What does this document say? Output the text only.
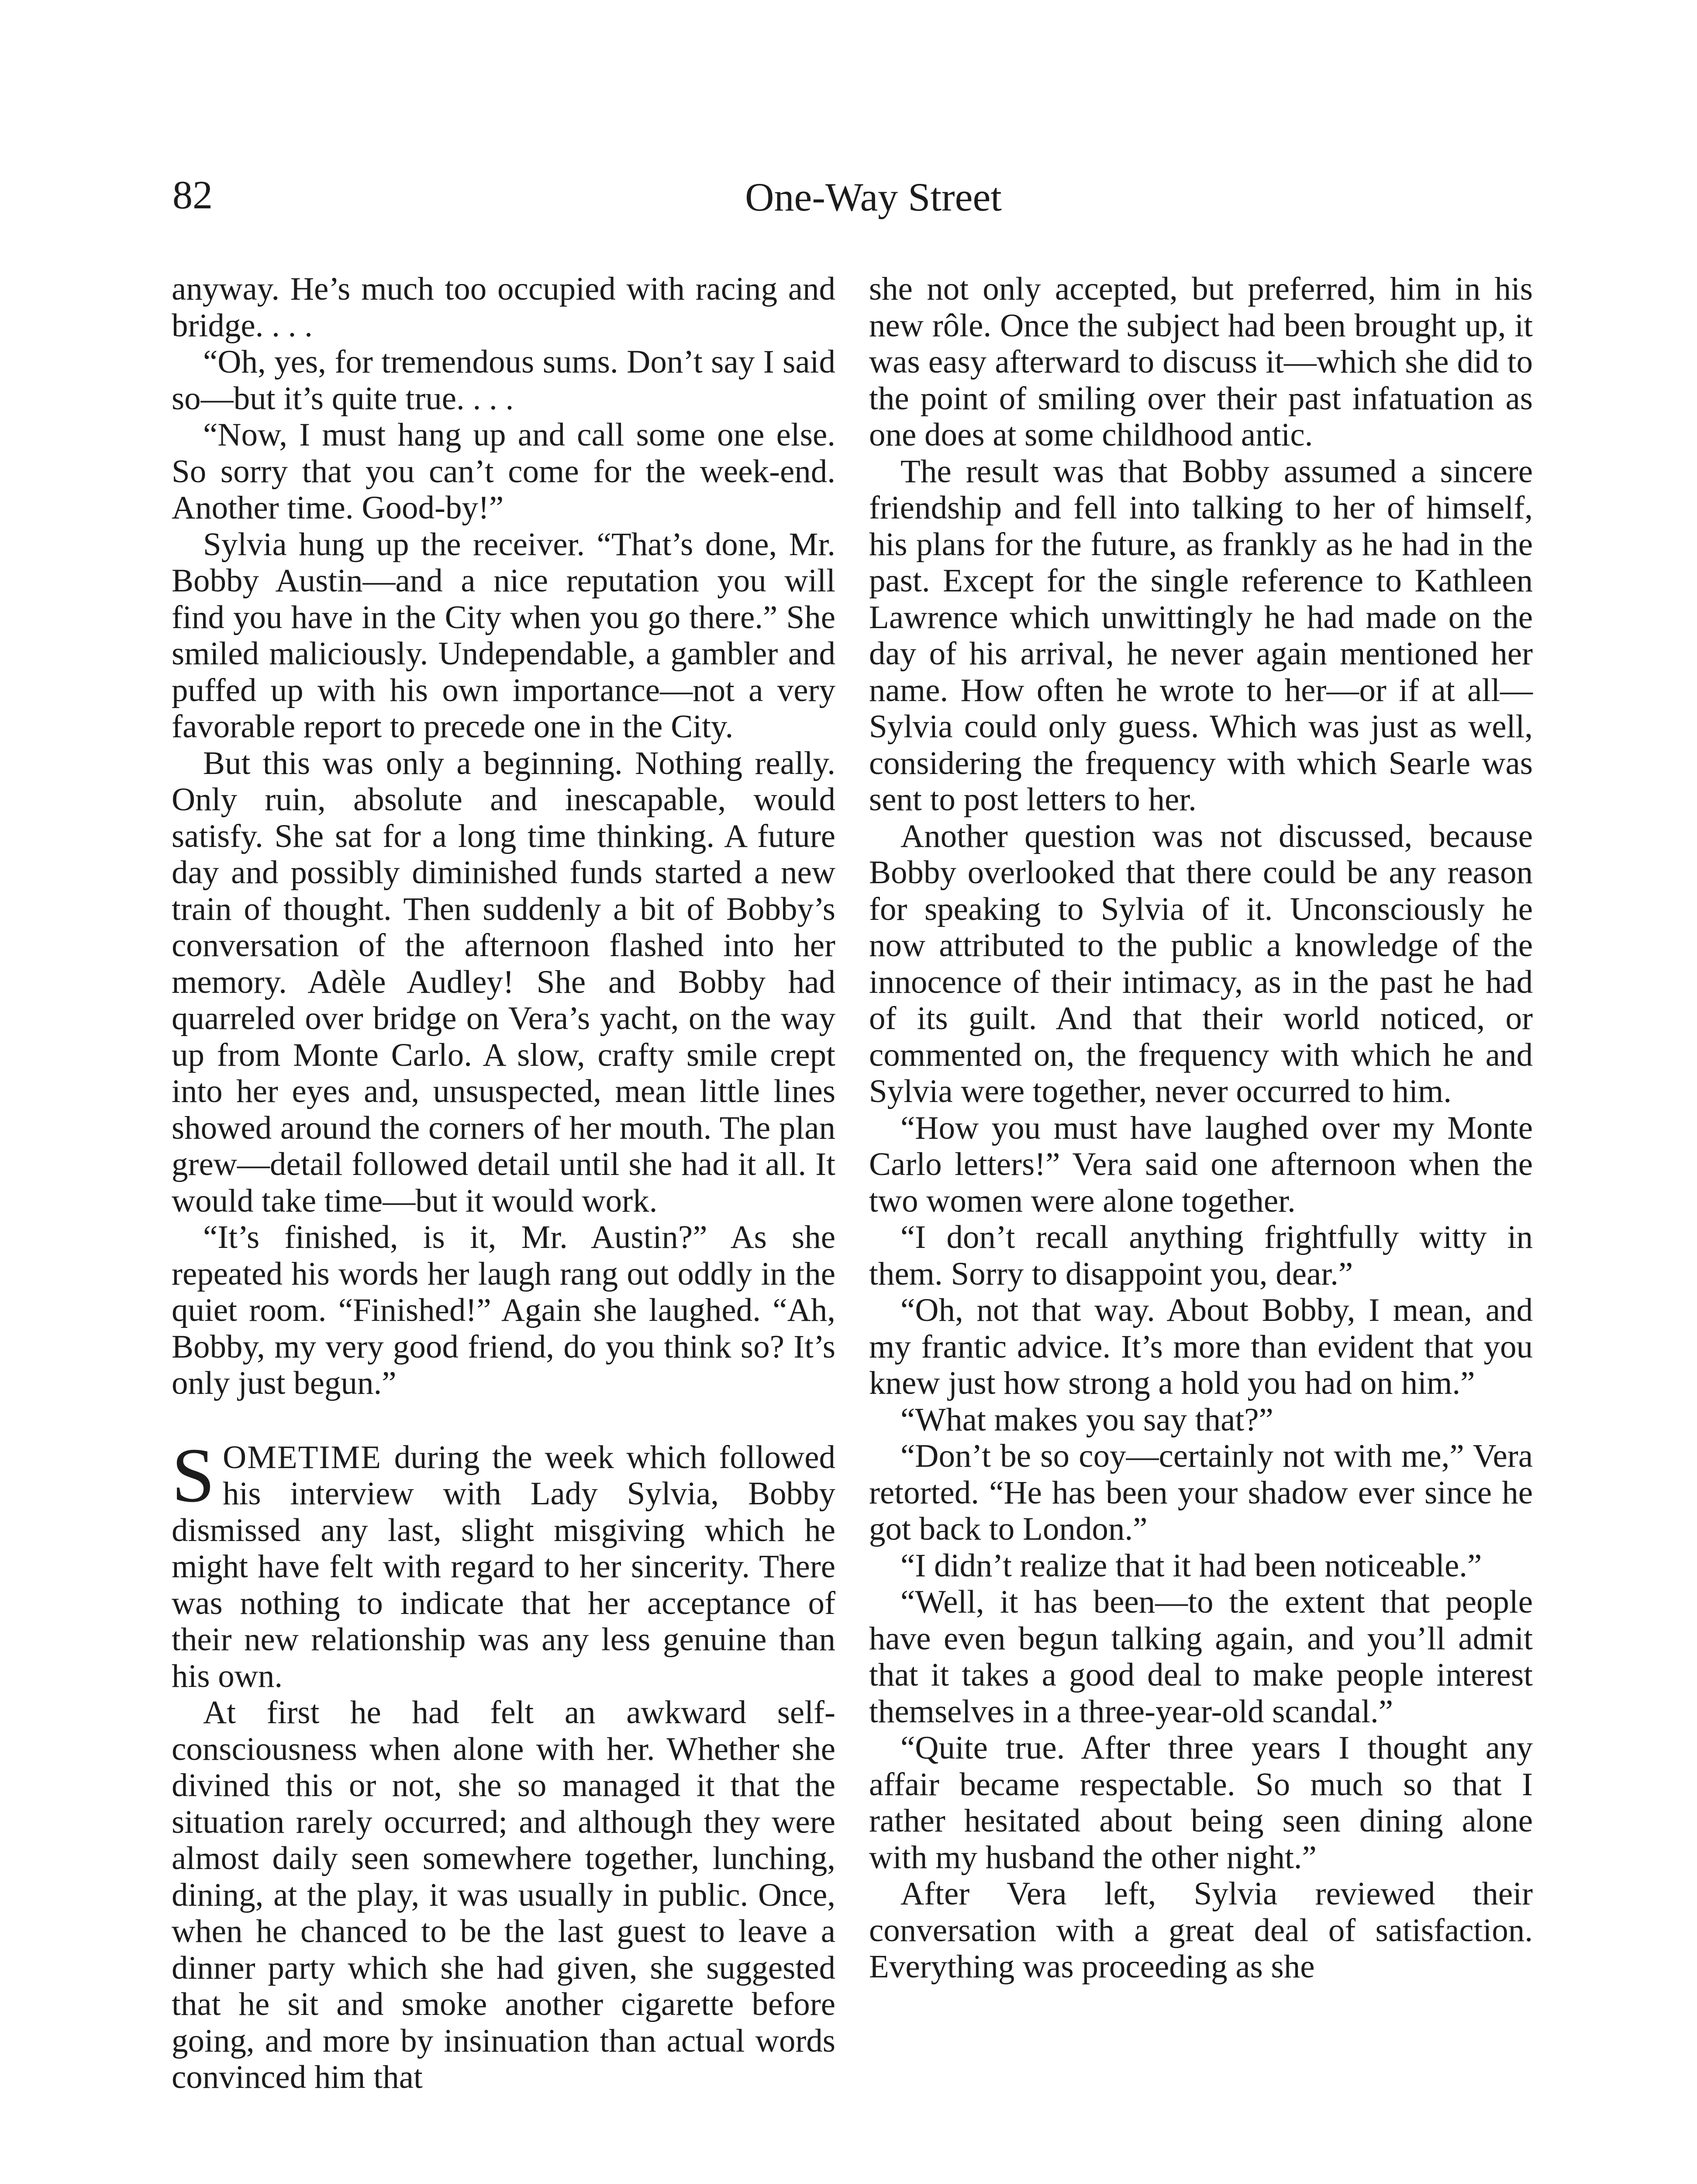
82	One-Way Street

anyway. He’s much too occupied with racing and bridge. . . .

“Oh, yes, for tremendous sums. Don’t say I said so—but it’s quite true. . . .

“Now, I must hang up and call some one else. So sorry that you can’t come for the week-end. Another time. Good-by!”

Sylvia hung up the receiver. “That’s done, Mr. Bobby Austin—and a nice reputation you will find you have in the City when you go there.” She smiled maliciously. Undependable, a gambler and puffed up with his own importance—not a very favorable report to precede one in the City.

But this was only a beginning. Nothing really. Only ruin, absolute and inescapable, would satisfy. She sat for a long time thinking. A future day and possibly diminished funds started a new train of thought. Then suddenly a bit of Bobby’s conversation of the afternoon flashed into her memory. Adèle Audley! She and Bobby had quarreled over bridge on Vera’s yacht, on the way up from Monte Carlo. A slow, crafty smile crept into her eyes and, unsuspected, mean little lines showed around the corners of her mouth. The plan grew—detail followed detail until she had it all. It would take time—but it would work.

“It’s finished, is it, Mr. Austin?” As she repeated his words her laugh rang out oddly in the quiet room. “Finished!” Again she laughed. “Ah, Bobby, my very good friend, do you think so? It’s only just begun.”

SOMETIME during the week which followed his interview with Lady Sylvia, Bobby dismissed any last, slight misgiving which he might have felt with regard to her sincerity. There was nothing to indicate that her acceptance of their new relationship was any less genuine than his own.

At first he had felt an awkward self-consciousness when alone with her. Whether she divined this or not, she so managed it that the situation rarely occurred; and although they were almost daily seen somewhere together, lunching, dining, at the play, it was usually in public. Once, when he chanced to be the last guest to leave a dinner party which she had given, she suggested that he sit and smoke another cigarette before going, and more by insinuation than actual words convinced him that

she not only accepted, but preferred, him in his new rôle. Once the subject had been brought up, it was easy afterward to discuss it—which she did to the point of smiling over their past infatuation as one does at some childhood antic.

The result was that Bobby assumed a sincere friendship and fell into talking to her of himself, his plans for the future, as frankly as he had in the past. Except for the single reference to Kathleen Lawrence which unwittingly he had made on the day of his arrival, he never again mentioned her name. How often he wrote to her—or if at all—Sylvia could only guess. Which was just as well, considering the frequency with which Searle was sent to post letters to her.

Another question was not discussed, because Bobby overlooked that there could be any reason for speaking to Sylvia of it. Unconsciously he now attributed to the public a knowledge of the innocence of their intimacy, as in the past he had of its guilt. And that their world noticed, or commented on, the frequency with which he and Sylvia were together, never occurred to him.

“How you must have laughed over my Monte Carlo letters!” Vera said one afternoon when the two women were alone together.

“I don’t recall anything frightfully witty in them. Sorry to disappoint you, dear.”

“Oh, not that way. About Bobby, I mean, and my frantic advice. It’s more than evident that you knew just how strong a hold you had on him.”

“What makes you say that?”

“Don’t be so coy—certainly not with me,” Vera retorted. “He has been your shadow ever since he got back to London.”

“I didn’t realize that it had been noticeable.”

“Well, it has been—to the extent that people have even begun talking again, and you’ll admit that it takes a good deal to make people interest themselves in a three-year-old scandal.”

“Quite true. After three years I thought any affair became respectable. So much so that I rather hesitated about being seen dining alone with my husband the other night.”

After Vera left, Sylvia reviewed their conversation with a great deal of satisfaction. Everything was proceeding as she
